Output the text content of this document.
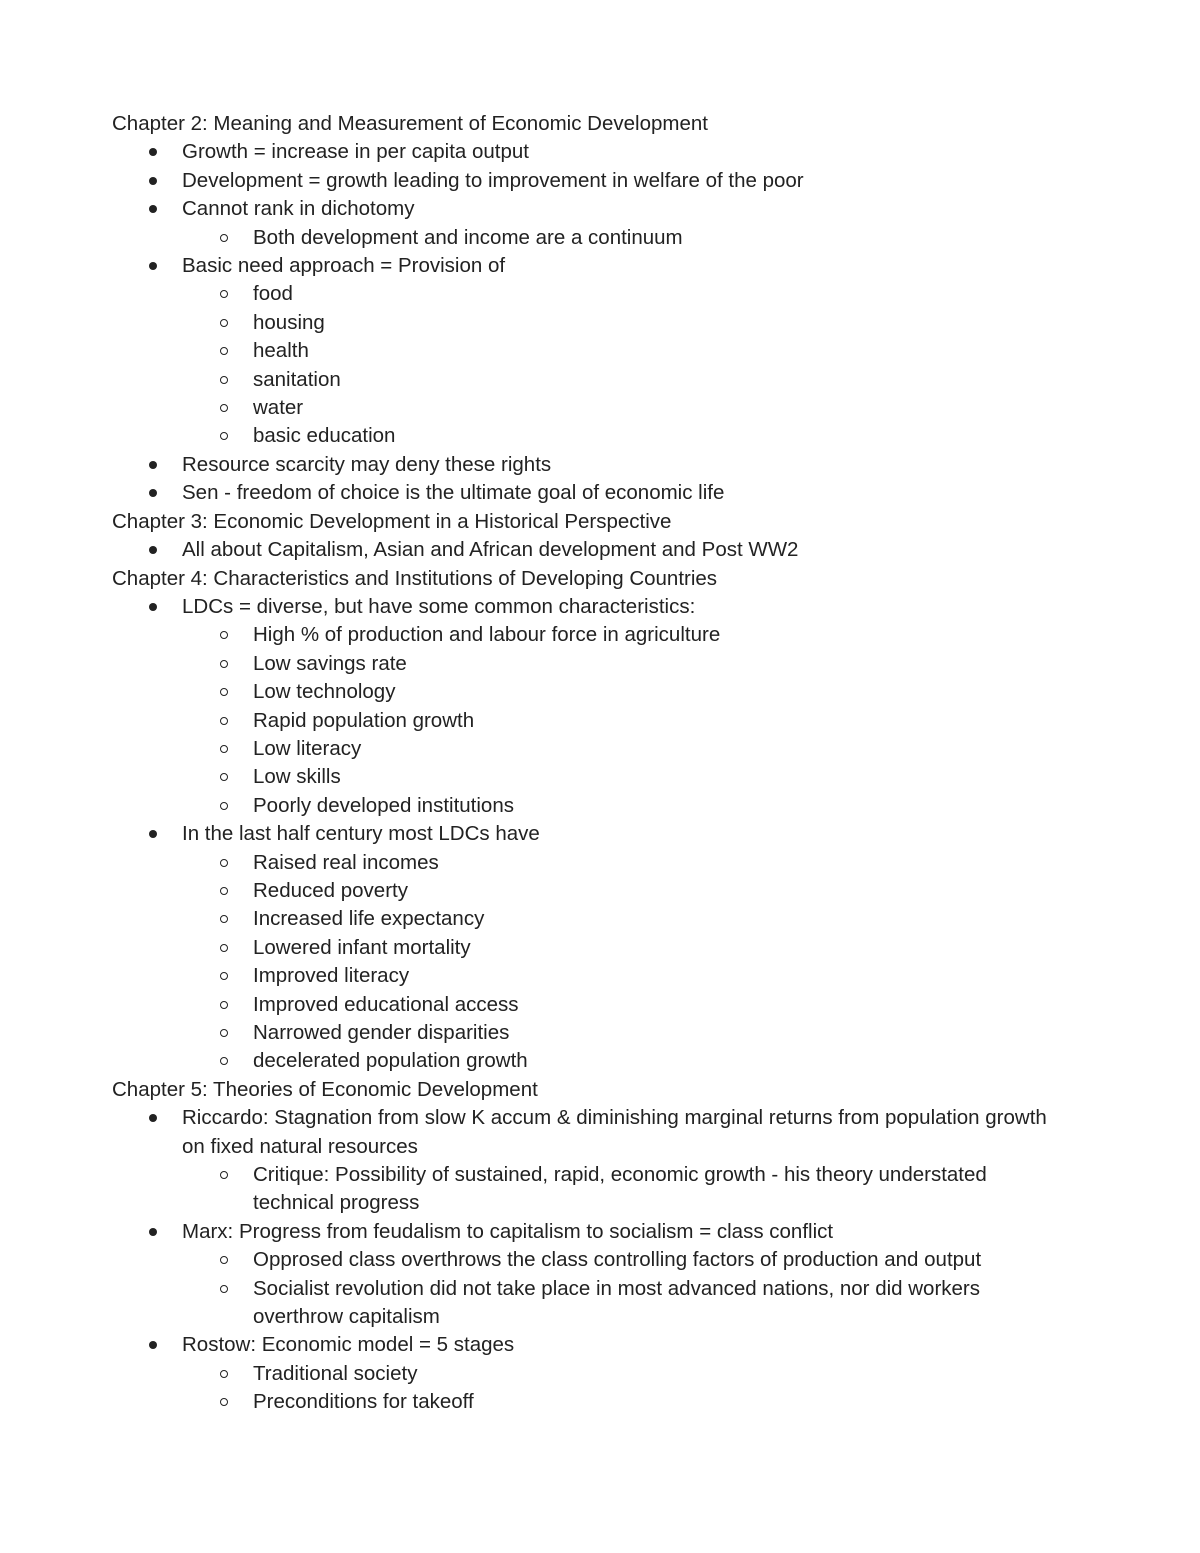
Chapter 2: Meaning and Measurement of Economic Development
Growth = increase in per capita output
Development = growth leading to improvement in welfare of the poor
Cannot rank in dichotomy
Both development and income are a continuum
Basic need approach = Provision of
food
housing
health
sanitation
water
basic education
Resource scarcity may deny these rights
Sen - freedom of choice is the ultimate goal of economic life
Chapter 3: Economic Development in a Historical Perspective
All about Capitalism, Asian and African development and Post WW2
Chapter 4: Characteristics and Institutions of Developing Countries
LDCs = diverse, but have some common characteristics:
High % of production and labour force in agriculture
Low savings rate
Low technology
Rapid population growth
Low literacy
Low skills
Poorly developed institutions
In the last half century most LDCs have
Raised real incomes
Reduced poverty
Increased life expectancy
Lowered infant mortality
Improved literacy
Improved educational access
Narrowed gender disparities
decelerated population growth
Chapter 5: Theories of Economic Development
Riccardo: Stagnation from slow K accum & diminishing marginal returns from population growth on fixed natural resources
Critique: Possibility of sustained, rapid, economic growth - his theory understated technical progress
Marx: Progress from feudalism to capitalism to socialism = class conflict
Opprosed class overthrows the class controlling factors of production and output
Socialist revolution did not take place in most advanced nations, nor did workers overthrow capitalism
Rostow: Economic model = 5 stages
Traditional society
Preconditions for takeoff
